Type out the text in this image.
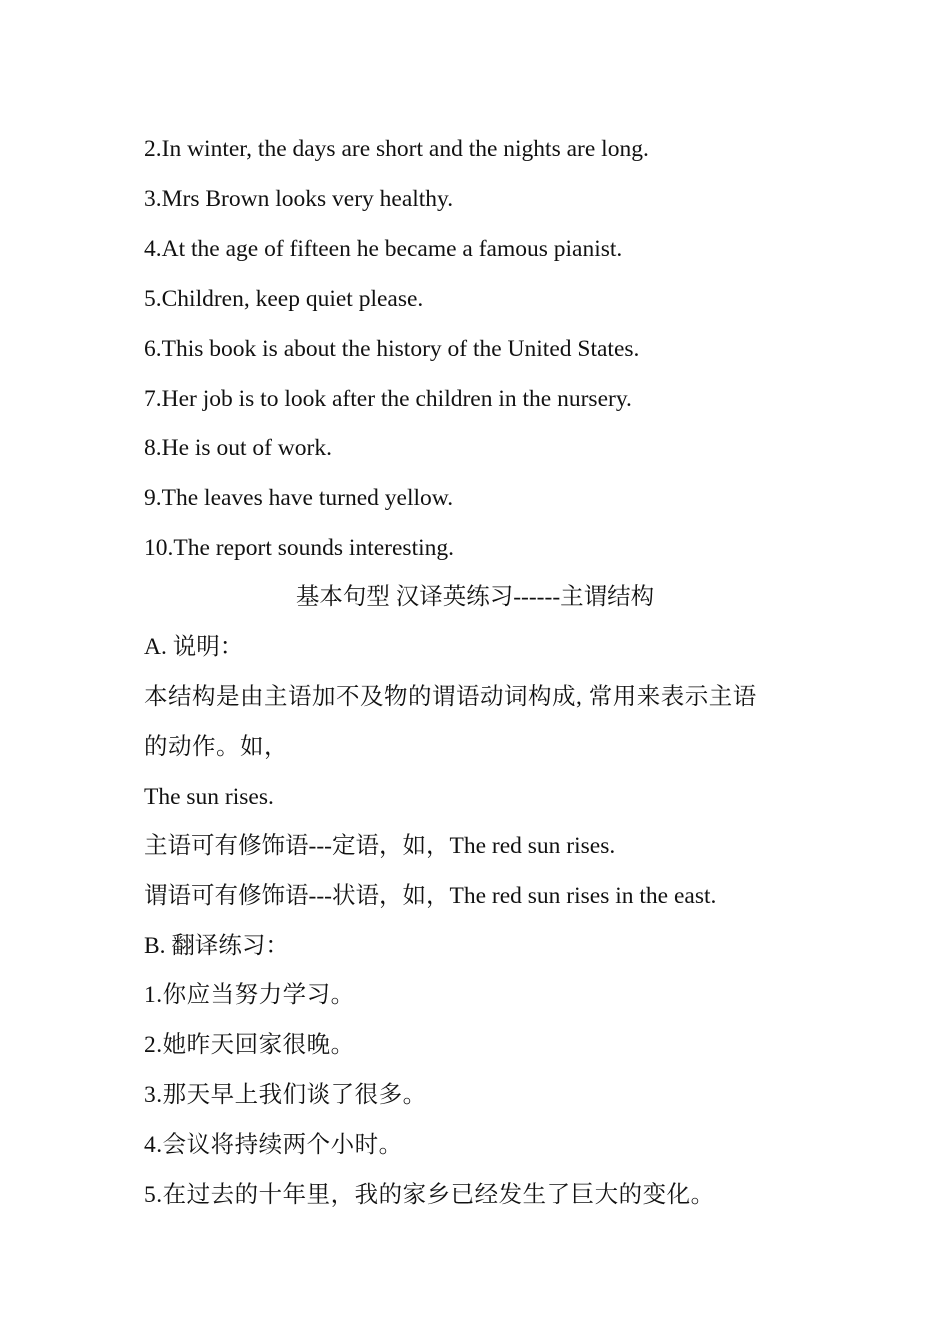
2.In winter, the days are short and the nights are long.
3.Mrs Brown looks very healthy.
4.At the age of fifteen he became a famous pianist.
5.Children, keep quiet please.
6.This book is about the history of the United States.
7.Her job is to look after the children in the nursery.
8.He is out of work.
9.The leaves have turned yellow.
10.The report sounds interesting.
基本句型 汉译英练习------主谓结构
A. 说明：
本结构是由主语加不及物的谓语动词构成, 常用来表示主语
的动作。如，
The sun rises.
主语可有修饰语---定语，如，The red sun rises.
谓语可有修饰语---状语，如，The red sun rises in the east.
B. 翻译练习：
1.你应当努力学习。
2.她昨天回家很晚。
3.那天早上我们谈了很多。
4.会议将持续两个小时。
5.在过去的十年里，我的家乡已经发生了巨大的变化。
